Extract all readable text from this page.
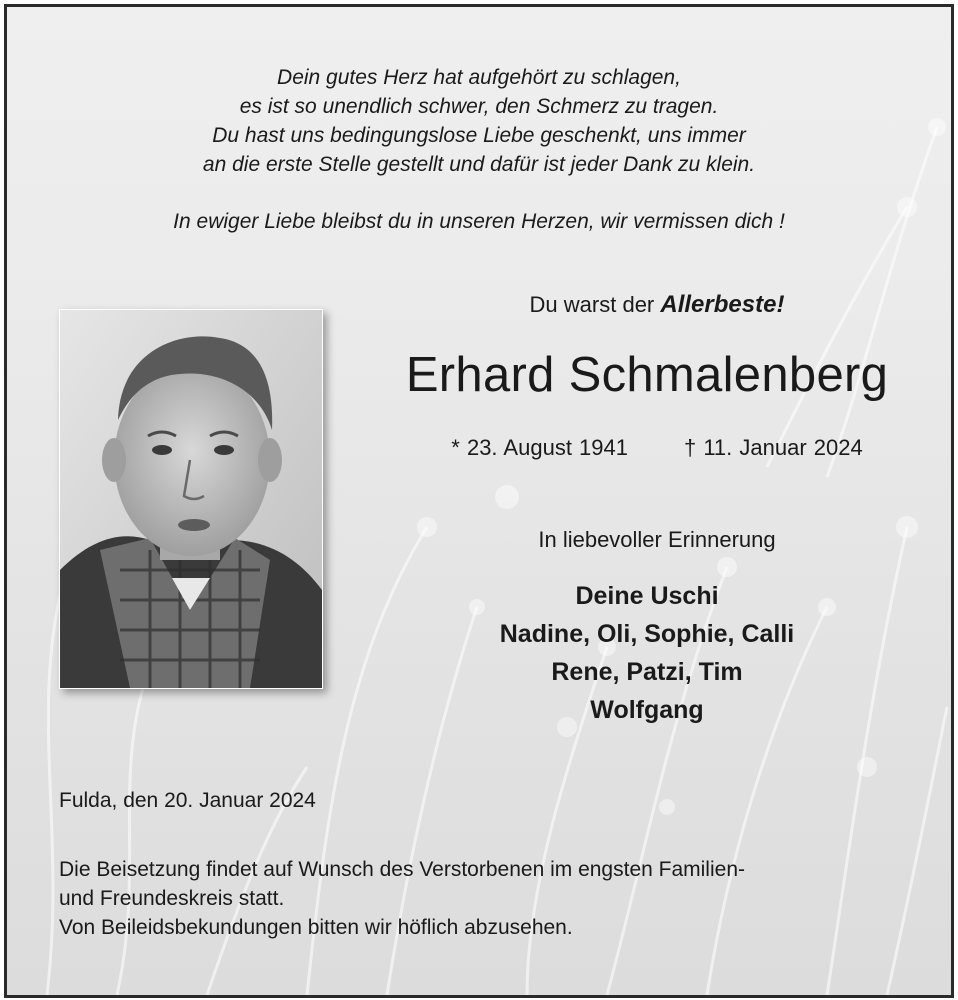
Dein gutes Herz hat aufgehört zu schlagen,
es ist so unendlich schwer, den Schmerz zu tragen.
Du hast uns bedingungslose Liebe geschenkt, uns immer
an die erste Stelle gestellt und dafür ist jeder Dank zu klein.
In ewiger Liebe bleibst du in unseren Herzen, wir vermissen dich !
Du warst der Allerbeste!
Erhard Schmalenberg
* 23. August 1941	† 11. Januar 2024
In liebevoller Erinnerung
Deine Uschi
Nadine, Oli, Sophie, Calli
Rene, Patzi, Tim
Wolfgang
Fulda, den 20. Januar 2024
Die Beisetzung findet auf Wunsch des Verstorbenen im engsten Familien-
und Freundeskreis statt.
Von Beileidsbekundungen bitten wir höflich abzusehen.
